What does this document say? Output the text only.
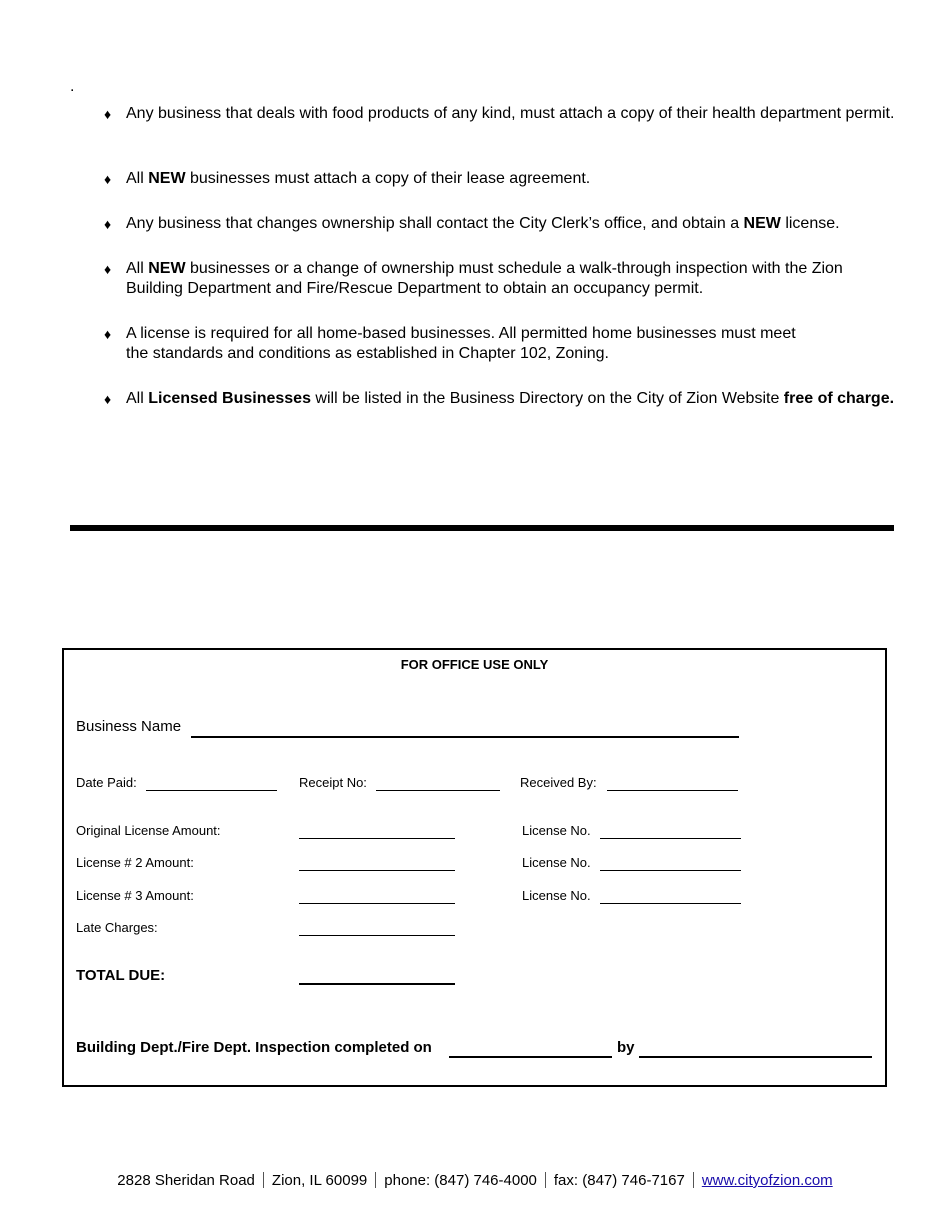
.
♦ Any business that deals with food products of any kind, must attach a copy of their health department permit.
♦ All NEW businesses must attach a copy of their lease agreement.
♦ Any business that changes ownership shall contact the City Clerk’s office, and obtain a NEW license.
♦ All NEW businesses or a change of ownership must schedule a walk-through inspection with the Zion Building Department and Fire/Rescue Department to obtain an occupancy permit.
♦ A license is required for all home-based businesses. All permitted home businesses must meet the standards and conditions as established in Chapter 102, Zoning.
♦ All Licensed Businesses will be listed in the Business Directory on the City of Zion Website free of charge.
FOR OFFICE USE ONLY
Business Name
Date Paid:	Receipt No:	Received By:
Original License Amount:	License No.
License # 2 Amount:	License No.
License # 3 Amount:	License No.
Late Charges:
TOTAL DUE:
Building Dept./Fire Dept. Inspection completed on	by
2828 Sheridan Road Zion, IL 60099 phone: (847) 746-4000 fax: (847) 746-7167 www.cityofzion.com
